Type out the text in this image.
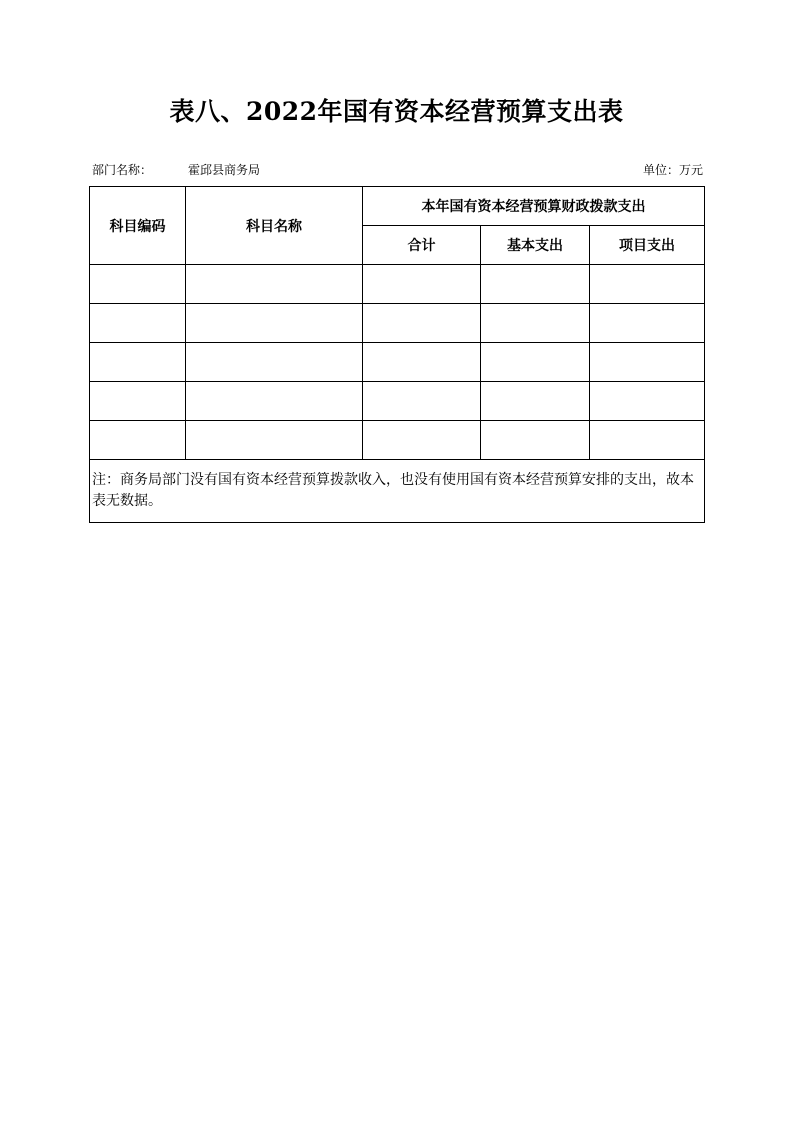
表八、2022年国有资本经营预算支出表
部门名称：	霍邱县商务局	单位：万元
科目编码	科目名称	本年国有资本经营预算财政拨款支出		
		合计	基本支出	项目支出

注：商务局部门没有国有资本经营预算拨款收入，也没有使用国有资本经营预算安排的支出，故本表无数据。				
